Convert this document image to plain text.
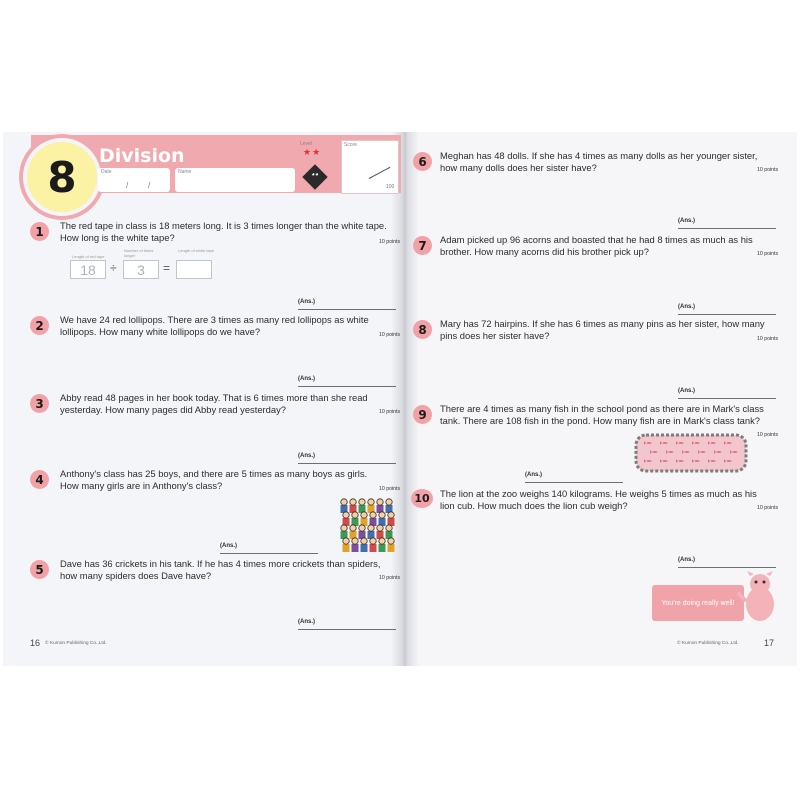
8	Division
Date
/ /
Name
Level
★★
◕◕
Score
100
1	The red tape in class is 18 meters long. It is 3 times longer than the white tape.
How long is the white tape?	10 points
Length of red tape
18	÷
Number of times longer
3	=
Length of white tape
(Ans.)
2	We have 24 red lollipops. There are 3 times as many red lollipops as white
lollipops. How many white lollipops do we have?	10 points
(Ans.)
3	Abby read 48 pages in her book today. That is 6 times more than she read
yesterday. How many pages did Abby read yesterday?	10 points
(Ans.)
4	Anthony's class has 25 boys, and there are 5 times as many boys as girls.
How many girls are in Anthony's class?	10 points
(Ans.)
5	Dave has 36 crickets in his tank. If he has 4 times more crickets than spiders,
how many spiders does Dave have?	10 points
(Ans.)
16 © Kumon Publishing Co.,Ltd.
6	Meghan has 48 dolls. If she has 4 times as many dolls as her younger sister,
how many dolls does her sister have?	10 points
(Ans.)
7	Adam picked up 96 acorns and boasted that he had 8 times as much as his
brother. How many acorns did his brother pick up?	10 points
(Ans.)
8	Mary has 72 hairpins. If she has 6 times as many pins as her sister, how many
pins does her sister have?	10 points
(Ans.)
9	There are 4 times as many fish in the school pond as there are in Mark's class
tank. There are 108 fish in the pond. How many fish are in Mark's class tank?
10 points
(Ans.)
10	The lion at the zoo weighs 140 kilograms. He weighs 5 times as much as his
lion cub. How much does the lion cub weigh?	10 points
(Ans.)
You're doing really well!
© Kumon Publishing Co.,Ltd.	17
